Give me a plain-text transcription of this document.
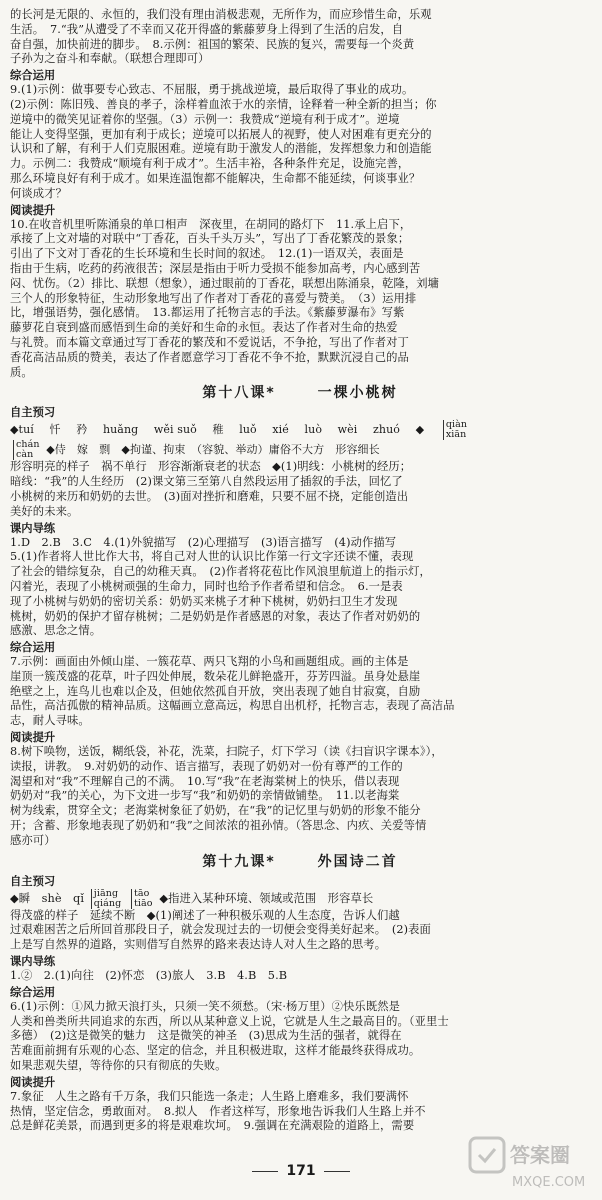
的长河是无限的、永恒的，我们没有理由消极悲观，无所作为，而应珍惜生命，乐观

生活。　7.“我”从遭受了不幸而又花开得盛的紫藤萝身上得到了生活的启发，自

奋自强，加快前进的脚步。　8.示例：祖国的繁荣、民族的复兴，需要每一个炎黄

子孙为之奋斗和奉献。（联想合理即可）

综合运用

9.(1)示例：做事要专心致志、不屈服，勇于挑战逆境，最后取得了事业的成功。

(2)示例：陈旧残、善良的孝子，涂样着血浓于水的亲情，诠释着一种全新的担当；你

逆境中的微笑见证着你的坚强。（3）示例一：我赞成“逆境有利于成才”。逆境

能让人变得坚强，更加有利于成长；逆境可以拓展人的视野，使人对困难有更充分的

认识和了解，有利于人们克服困难。逆境有助于激发人的潜能，发挥想象力和创造能

力。示例二：我赞成“顺境有利于成才”。生活丰裕，各种条件充足，设施完善，

那么环境良好有利于成才。如果连温饱都不能解决，生命都不能延续，何谈事业？

何谈成才？

阅读提升

10.在收音机里听陈涌泉的单口相声　深夜里，在胡同的路灯下　11.承上启下，

承接了上文对墙的对联中“丁香花，百头千头万头”，写出了丁香花繁茂的景象；

引出了下文对丁香花的生长环境和生长时间的叙述。　12.(1)一语双关，表面是

指由于生病，吃药的药液很苦；深层是指由于听力受损不能参加高考，内心感到苦

闷、忧伤。（2）排比、联想（想象），通过眼前的丁香花，联想出陈涌泉，乾隆，刘墉

三个人的形象特征，生动形象地写出了作者对丁香花的喜爱与赞美。　（3）运用排

比，增强语势，强化感情。　13.都运用了托物言志的手法。《紫藤萝瀑布》写紫

藤萝花自衰到盛而感悟到生命的美好和生命的永恒。表达了作者对生命的热爱

与礼赞。而本篇文章通过写丁香花的繁茂和不爱说话，不争抢，写出了作者对丁

香花高洁品质的赞美，表达了作者愿意学习丁香花不争不抢，默默沉浸自己的品

质。

第十八课*	一棵小桃树
自主预习
◆tuí 忏 矜 huǎng wěi suǒ 稚 luǒ xié luò wèi zhuó ◆ qiàn
xiān
chán
càn	◆侍　嫁　剽　◆拘谨、拘束　（容貌、举动）庸俗不大方　形容细长

形容明亮的样子　祸不单行　形容渐渐衰老的状态　◆(1)明线：小桃树的经历；

暗线：“我”的人生经历　(2)课文第三至第八自然段运用了插叙的手法，回忆了

小桃树的来历和奶奶的去世。　(3)面对挫折和磨难，只要不屈不挠，定能创造出

美好的未来。

课内导练

1.D　2.B　3.C　4.(1)外貌描写　(2)心理描写　(3)语言描写　(4)动作描写

5.(1)作者将人世比作大书，将自己对人世的认识比作第一行文字还读不懂，表现

了社会的错综复杂，自己的幼稚天真。　(2)作者将花苞比作风浪里航道上的指示灯，

闪着光，表现了小桃树顽强的生命力，同时也给予作者希望和信念。　6.一是表

现了小桃树与奶奶的密切关系：奶奶买来桃子才种下桃树，奶奶扫卫生才发现

桃树，奶奶的保护才留存桃树；二是奶奶是作者感恩的对象，表达了作者对奶奶的

感激、思念之情。

综合运用

7.示例：画面由外倾山崖、一簇花草、两只飞翔的小鸟和画题组成。画的主体是

崖顶一簇茂盛的花草，叶子四处伸展，数朵花儿鲜艳盛开，芬芳四溢。虽身处悬崖

绝壁之上，连鸟儿也难以企及，但她依然孤自开放，突出表现了她自甘寂寞，自励

品性，高洁孤傲的精神品质。这幅画立意高远，构思自出机杼，托物言志，表现了高洁品

志，耐人寻味。

阅读提升

8.树下唤物，送饭，糊纸袋，补花，洗菜，扫院子，灯下学习（读《扫盲识字课本》），

读报，讲教。　9.对奶奶的动作、语言描写，表现了奶奶对一份有尊严的工作的

渴望和对“我”不理解自己的不满。　10.写“我”在老海棠树上的快乐，借以表现

奶奶对“我”的关心，为下文进一步写“我”和奶奶的亲情做铺垫。　11.以老海棠

树为线索，贯穿全文；老海棠树象征了奶奶，在“我”的记忆里与奶奶的形象不能分

开；含蓄、形象地表现了奶奶和“我”之间浓浓的祖孙情。（答思念、内疚、关爱等情

感亦可）

第十九课*	外国诗二首
自主预习
◆瞬　shè　qǐ jiāng
qiáng

tāo
tiāo ◆指进入某种环境、领域或范围　形容草长

得茂盛的样子　延续不断　◆(1)阐述了一种积极乐观的人生态度，告诉人们越

过艰难困苦之后所回首那段日子，就会发现过去的一切便会变得美好起来。　(2)表面

上是写自然界的道路，实则借写自然界的路来表达诗人对人生之路的思考。

课内导练

1.②　2.(1)向往　(2)怀恋　(3)旅人　3.B　4.B　5.B

综合运用

6.(1)示例：①风力掀天浪打头，只须一笑不须愁。（宋·杨万里）②快乐既然是

人类和兽类所共同追求的东西，所以从某种意义上说，它就是人生之最高目的。（亚里士

多德）　(2)这是微笑的魅力　这是微笑的神圣　(3)思成为生活的强者，就得在

苦难面前拥有乐观的心态、坚定的信念，并且积极进取，这样才能最终获得成功。

如果悲观失望，等待你的只有彻底的失败。

阅读提升

7.象征　人生之路有千万条，我们只能选一条走；人生路上磨难多，我们要满怀

热情，坚定信念，勇敢面对。　8.拟人　作者这样写，形象地告诉我们人生路上并不

总是鲜花美景，而遇到更多的将是艰难坎坷。　9.强调在充满艰险的道路上，需要

171
答案圈
MXQE.COM
